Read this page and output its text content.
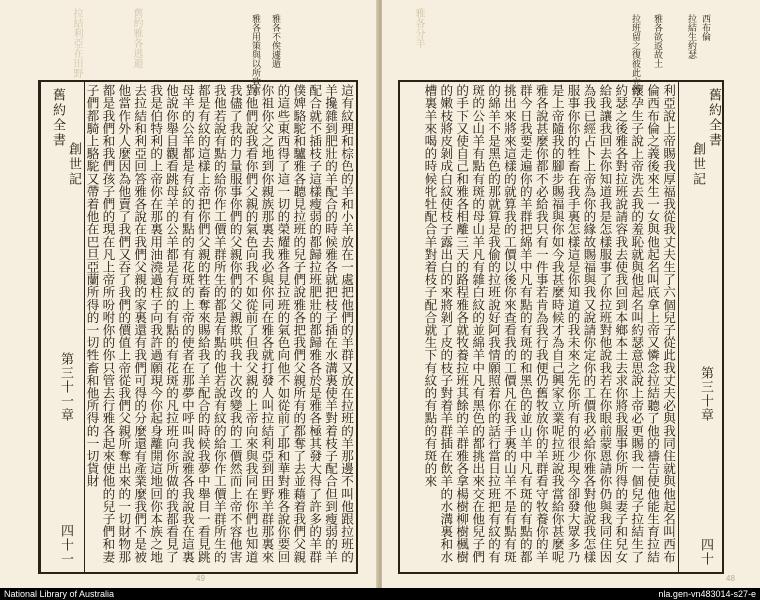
拉結利亞在田野	舊約雅各逃避	雅各不俟遽遁
雅各用策與以所致富
舊約全書
創世記
第三十一章
四十一	這有紋理和棕色的羊和小羊放在一處把他們的羊群又放在拉班的羊那邊不叫他跟拉班的羊攙雜到肥壯的羊配合的時候雅各就把枝子插在水溝裏使羊對着枝子配合但到瘦弱的羊配合就不插枝子這樣瘦弱的都歸拉班肥壯的都歸雅各於是雅各極其發大得了許多的羊群僕婢駱駝和驢雅各聽見拉班的兒子們說雅各把我們父親所有的都奪了去並藉着我們父親的這些東西得了這一切的榮耀雅各見拉班的氣色向他不如從前了耶和華對雅各說你要回你祖你父之地到你親族那裏去我必與你同在雅各就打發人叫拉結利亞到田野羊群那裏來對他們說我看你們父親的氣色向我不如從前了但我父親的上帝向來與我同在你們也知道我儘了我的力量服事你們的父親你們的父親欺哄我十次改變我的工價然而上帝不容他害我他若說有點的給你作工價羊群所生的都是有點的他若說有紋的給你作工價羊群所生的都是有紋的這樣上帝把你們父親的牲畜奪來賜給我了羊配合的時候我夢中舉目一看見跳母羊的公羊都是有紋的有點的有花斑的上帝的使者在那夢中呼叫我說雅各我說我在這裏他說你舉目觀看跳母羊的公羊都是有紋的有點的有花斑的凡拉班向你所做的我都看見了我是伯特利的上帝你在那裏用油澆過柱子向我許過願現今你起身離開這地回你本族之地去拉結和利亞回答雅各說在我們父親的家裏還有我們可得的分麼還有產業麼我們不是被他當作外人麼因為他賣了我們又吞了我們的價值上帝從我們父親所奪出來的一切財物那都是我們和我們孩子們的現在凡上帝所吩咐你的你只管去行雅各起來使他的兒子們和妻子們都騎上駱駝又帶着他在巴旦亞蘭所得的一切牲畜和他所得的一切貨財
49
西布倫
拉結生約瑟
雅各欲返故土
拉班留之復彼此立約
雅各分羊
舊約全書
創世記
第三十章
四十
利亞說上帝賜我厚福我從我丈夫生了六個兒子從此我丈夫必與我同住就與他起名叫西布倫西布倫之義後來生一女與他起名叫底拿上帝又憐念拉結聽了他的禱告使他能生育拉結懷孕生子說上帝洗去我的羞恥就與他起名叫約瑟意思說上帝必更賜我一個兒子拉結生了約瑟之後雅各對拉班說請容我去使我回到本鄉本土去求你將我服事你所得的妻子和兒女給我讓我回去你知道我是怎樣服事了你拉班對他說我若在你眼前蒙恩請你仍與我同住因為我已經占卜上帝為你的緣故賜福與我又說請你定你的工價我必給你雅各對他說我怎樣服事你你的牲畜在我手裏怎樣這是你知道的我未來之先你所有的很少現今卻發大眾多乃是上帝隨我的腳步賜福與你如今我甚麼時候才為自己興家立業呢拉班說我當給你甚麼呢雅各說甚麼你都不必給我只有一件事若肯為我行我便仍舊牧放你的羊群看守牧養你的羊群今日我要走遍你的羊群把綿羊中凡有點的有斑的和黑色的並山羊中凡有斑的有點的都挑出來將來這樣的就算我的工價以後你來查看我的工價凡在我手裏的山羊不是有點有斑的綿羊不是黑色的那就算是我偷的拉班說好阿我情願照着你的話行當日拉班把有紋的有斑的公山羊有點有斑的母山羊凡有雜白紋的並綿羊中凡有黑色的都挑出來交在他兒子們的手下又使自己和雅各相離三天的路程雅各就牧養拉班其餘的羊群雅各拿楊樹柳樹楓樹的嫩枝將皮剝成白紋使枝子露出白的來將剝了皮的枝子對着羊群插在飲羊的水溝裏和水槽裏羊來喝的時候牝牡配合羊對着枝子配合就生下有紋的有點的有斑的來
48
National Library of Australia	nla.gen-vn483014-s27-e
